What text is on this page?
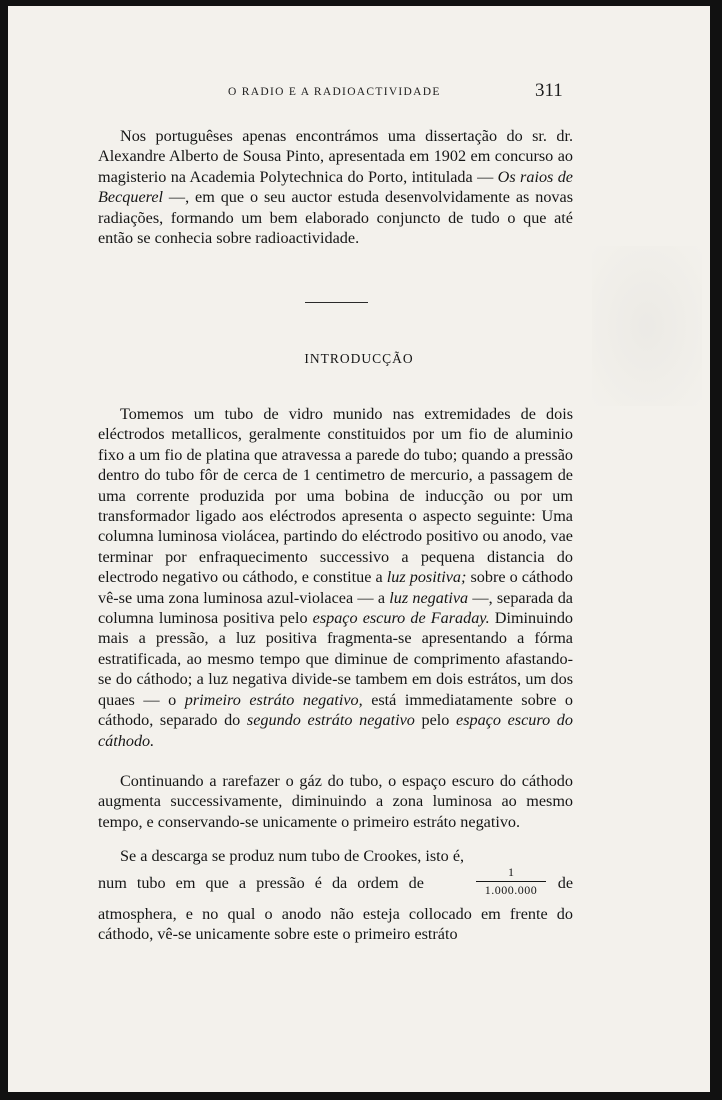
O RADIO E A RADIOACTIVIDADE	311

Nos portuguêses apenas encontrámos uma dissertação do sr. dr. Alexandre Alberto de Sousa Pinto, apresentada em 1902 em concurso ao magisterio na Academia Polytechnica do Porto, intitulada — Os raios de Becquerel —, em que o seu auctor estuda desenvolvidamente as novas radiações, formando um bem elaborado conjuncto de tudo o que até então se conhecia sobre radioactividade.

INTRODUCÇÃO

Tomemos um tubo de vidro munido nas extremidades de dois eléctrodos metallicos, geralmente constituidos por um fio de aluminio fixo a um fio de platina que atravessa a parede do tubo; quando a pressão dentro do tubo fôr de cerca de 1 centimetro de mercurio, a passagem de uma corrente produzida por uma bobina de inducção ou por um transformador ligado aos eléctrodos apresenta o aspecto seguinte: Uma columna luminosa violácea, partindo do eléctrodo positivo ou anodo, vae terminar por enfraquecimento successivo a pequena distancia do electrodo negativo ou cáthodo, e constitue a luz positiva; sobre o cáthodo vê-se uma zona luminosa azul-violacea — a luz negativa —, separada da columna luminosa positiva pelo espaço escuro de Faraday. Diminuindo mais a pressão, a luz positiva fragmenta-se apresentando a fórma estratificada, ao mesmo tempo que diminue de comprimento afastando-se do cáthodo; a luz negativa divide-se tambem em dois estrátos, um dos quaes — o primeiro estráto negativo, está immediatamente sobre o cáthodo, separado do segundo estráto negativo pelo espaço escuro do cáthodo.

Continuando a rarefazer o gáz do tubo, o espaço escuro do cáthodo augmenta successivamente, diminuindo a zona luminosa ao mesmo tempo, e conservando-se unicamente o primeiro estráto negativo.

Se a descarga se produz num tubo de Crookes, isto é,

num tubo em que a pressão é da ordem de
1
1.000.000	de

atmosphera, e no qual o anodo não esteja collocado em frente do cáthodo, vê-se unicamente sobre este o primeiro estráto
